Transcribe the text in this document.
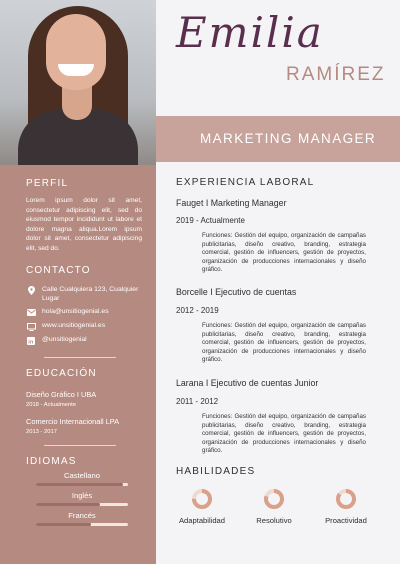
PERFIL

Lorem ipsum dolor sit amet, consectetur adipiscing elit, sed do eiusmod tempor incididunt ut labore et dolore magna aliqua.Lorem ipsum dolor sit amet, consectetur adipiscing elit, sed do.

CONTACTO
Calle Cualquiera 123, Cualquier Lugar
hola@unsitiogenial.es
www.unsitiogenial.es
in @unsitiogenial
EDUCACIÓN
Diseño Gráfico I UBA
2018 - Actualmente
Comercio Internacionall LPA
2013 - 2017
IDIOMAS
Castellano
Inglés
Francés
Emilia
RAMÍREZ
MARKETING MANAGER
EXPERIENCIA LABORAL
Fauget I Marketing Manager
2019 - Actualmente

Funciones: Gestión del equipo, organización de campañas publicitarias, diseño creativo, branding, estrategia comercial, gestión de influencers, gestión de proyectos, organización de producciones internacionales y diseño gráfico.

Borcelle I Ejecutivo de cuentas
2012 - 2019

Funciones: Gestión del equipo, organización de campañas publicitarias, diseño creativo, branding, estrategia comercial, gestión de influencers, gestión de proyectos, organización de producciones internacionales y diseño gráfico.

Larana I Ejecutivo de cuentas Junior
2011 - 2012

Funciones: Gestión del equipo, organización de campañas publicitarias, diseño creativo, branding, estrategia comercial, gestión de influencers, gestión de proyectos, organización de producciones internacionales y diseño gráfico.

HABILIDADES
Adaptabilidad	Resolutivo	Proactividad
